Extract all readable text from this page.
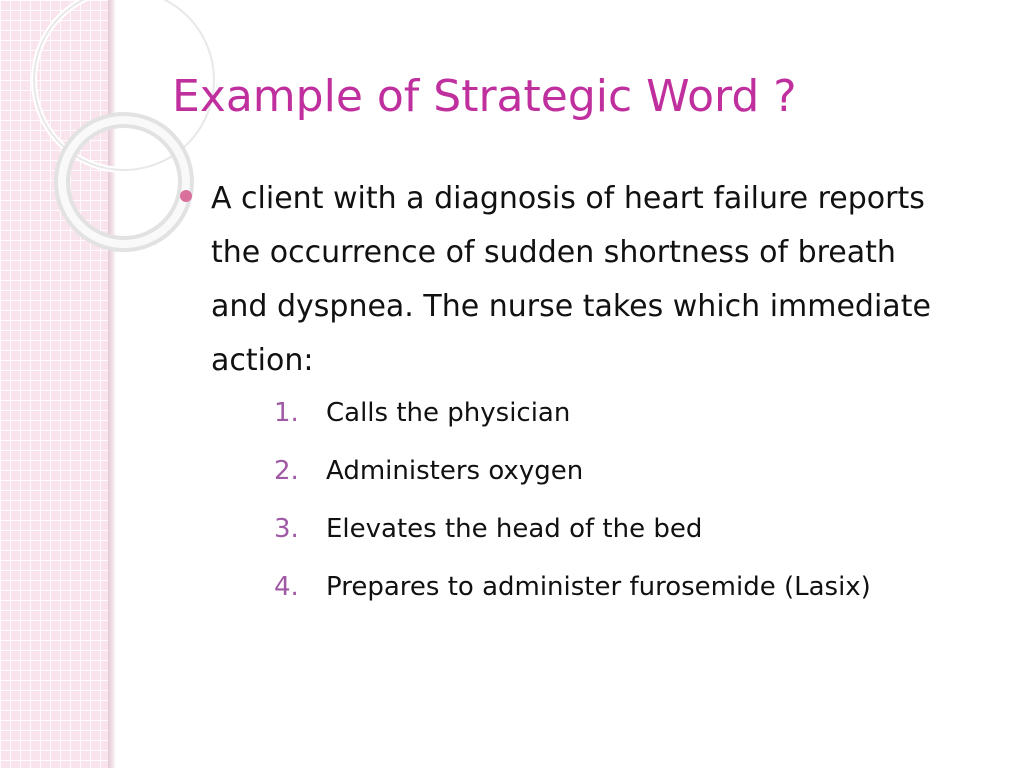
Example of Strategic Word ?
A client with a diagnosis of heart failure reports the occurrence of sudden shortness of breath and dyspnea. The nurse takes which immediate action:
1.	Calls the physician
2.	Administers oxygen
3.	Elevates the head of the bed
4.	Prepares to administer furosemide (Lasix)
